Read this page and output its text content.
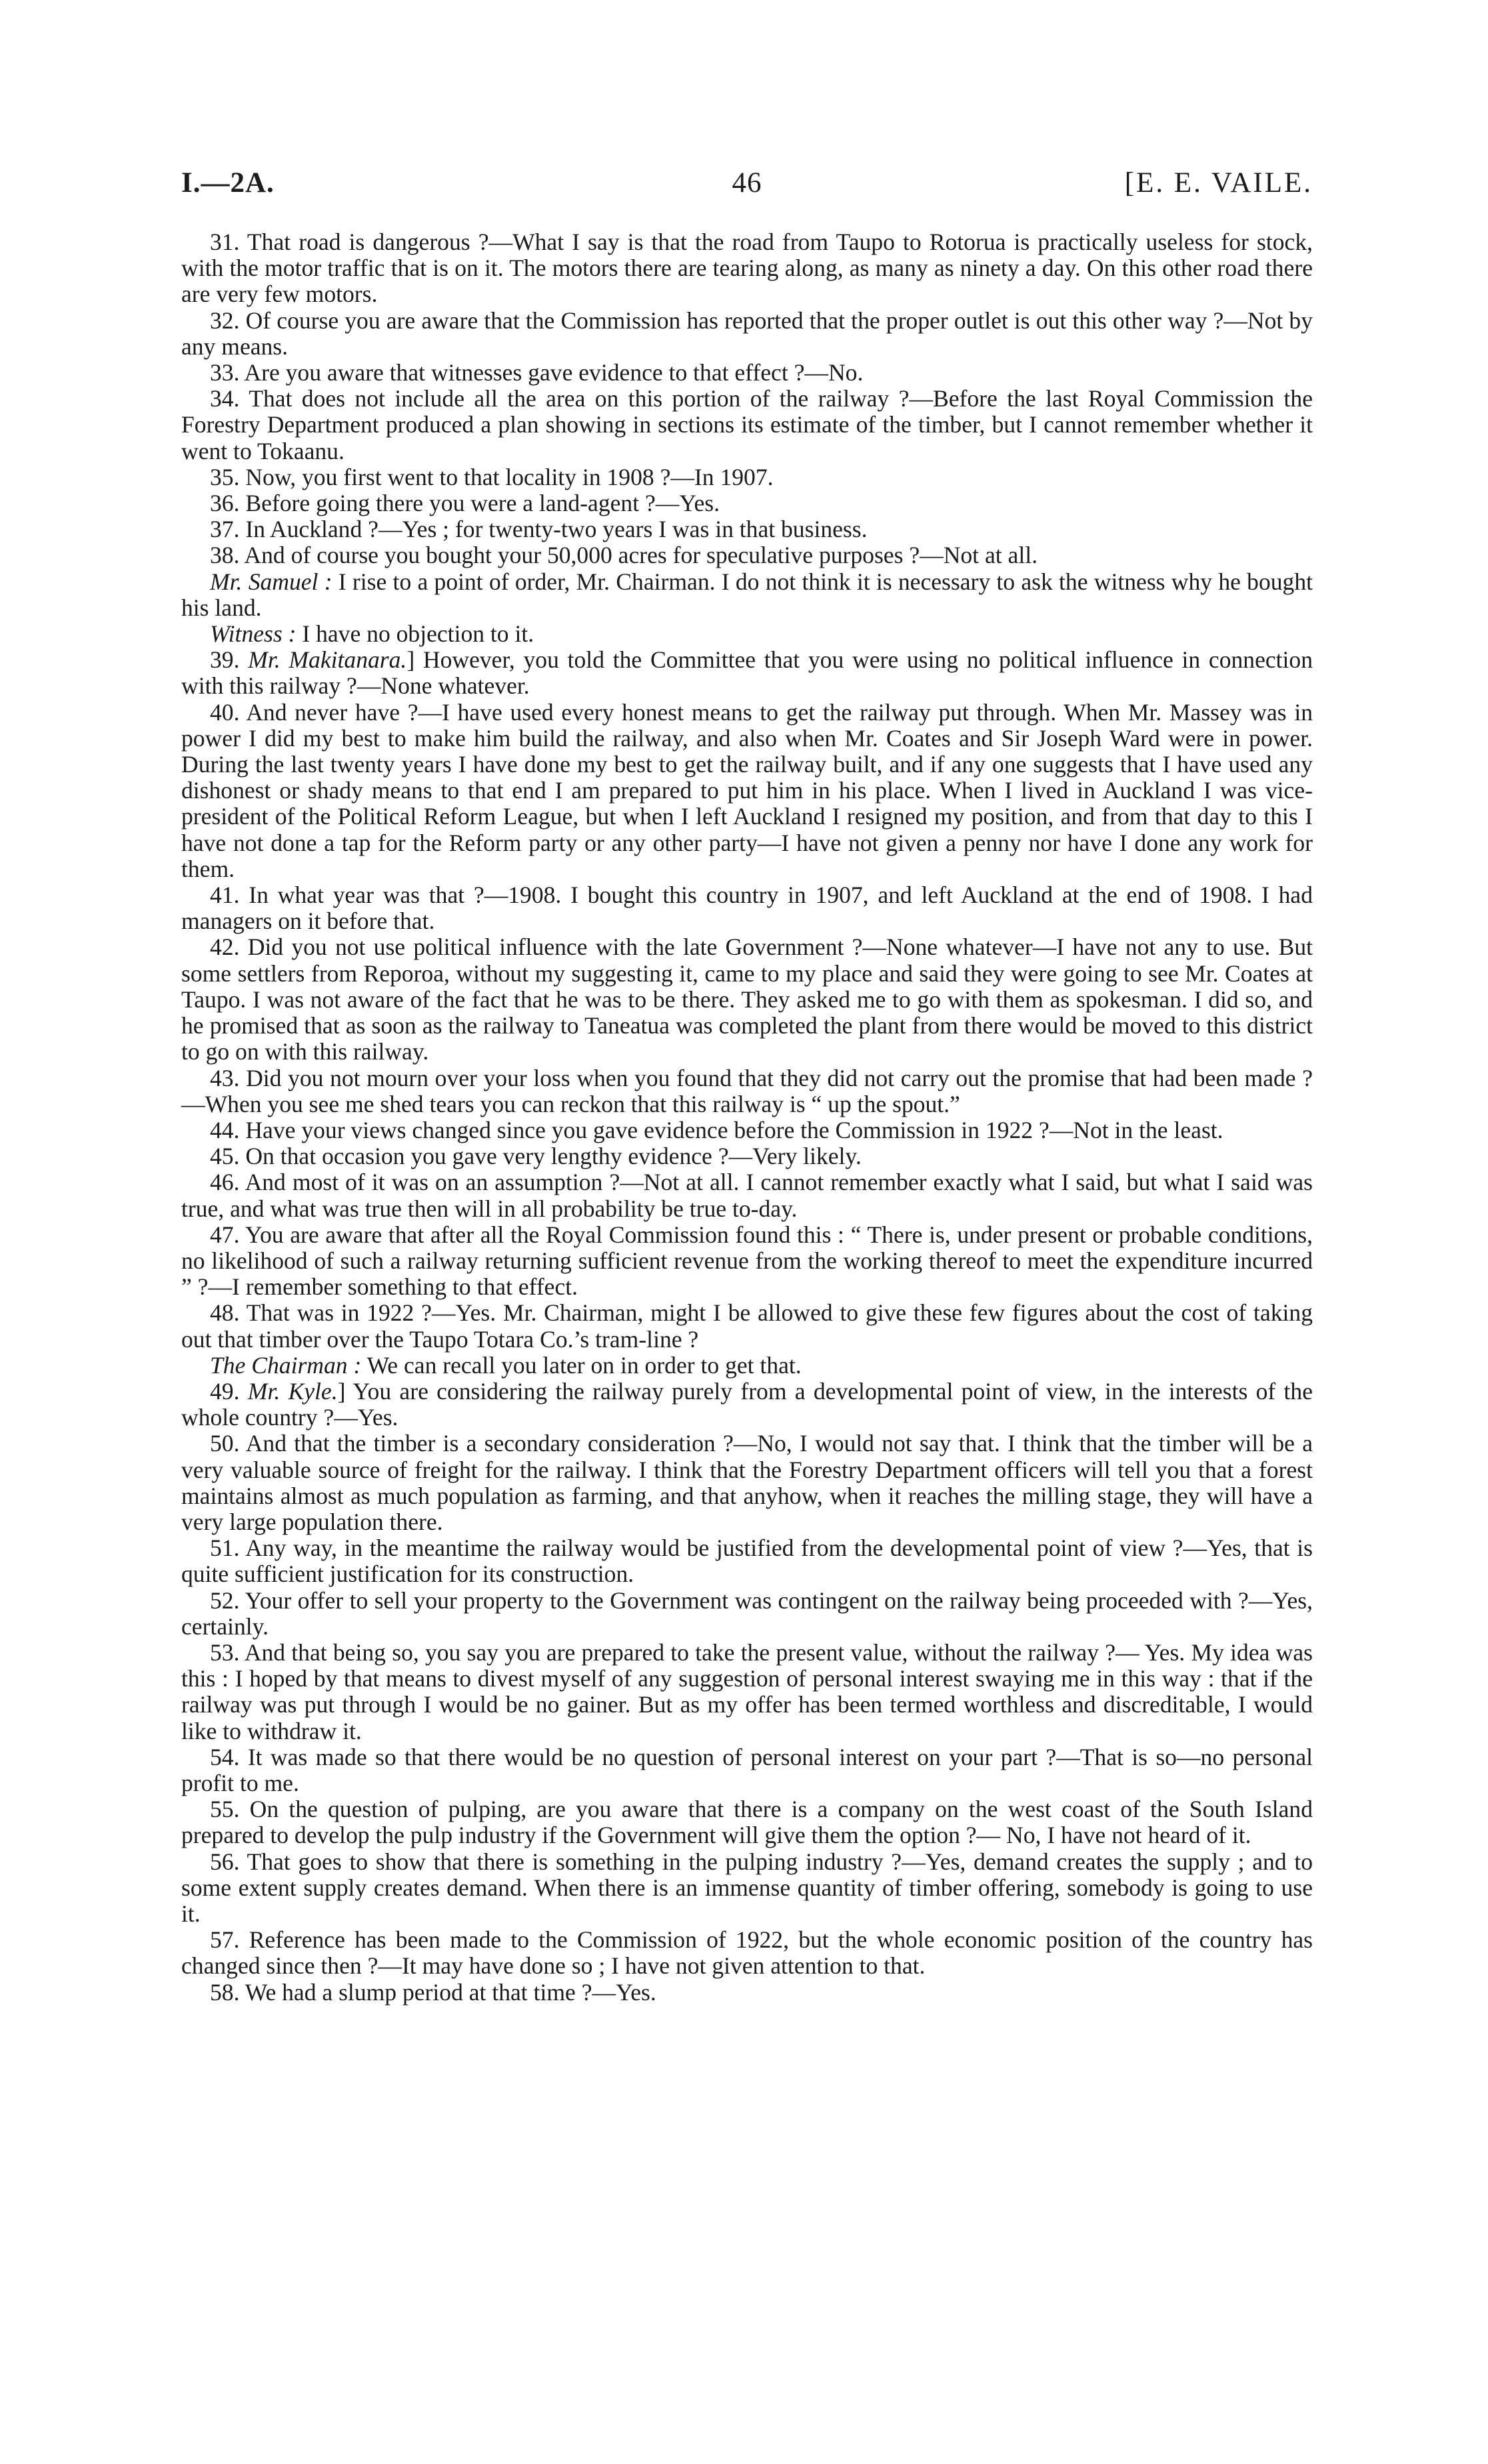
I.—2A.	46	[E. E. VAILE.

31. That road is dangerous ?—What I say is that the road from Taupo to Rotorua is practically useless for stock, with the motor traffic that is on it. The motors there are tearing along, as many as ninety a day. On this other road there are very few motors.

32. Of course you are aware that the Commission has reported that the proper outlet is out this other way ?—Not by any means.

33. Are you aware that witnesses gave evidence to that effect ?—No.

34. That does not include all the area on this portion of the railway ?—Before the last Royal Commission the Forestry Department produced a plan showing in sections its estimate of the timber, but I cannot remember whether it went to Tokaanu.

35. Now, you first went to that locality in 1908 ?—In 1907.

36. Before going there you were a land-agent ?—Yes.

37. In Auckland ?—Yes ; for twenty-two years I was in that business.

38. And of course you bought your 50,000 acres for speculative purposes ?—Not at all.

Mr. Samuel : I rise to a point of order, Mr. Chairman. I do not think it is necessary to ask the witness why he bought his land.

Witness : I have no objection to it.

39. Mr. Makitanara.] However, you told the Committee that you were using no political influence in connection with this railway ?—None whatever.

40. And never have ?—I have used every honest means to get the railway put through. When Mr. Massey was in power I did my best to make him build the railway, and also when Mr. Coates and Sir Joseph Ward were in power. During the last twenty years I have done my best to get the railway built, and if any one suggests that I have used any dishonest or shady means to that end I am prepared to put him in his place. When I lived in Auckland I was vice-president of the Political Reform League, but when I left Auckland I resigned my position, and from that day to this I have not done a tap for the Reform party or any other party—I have not given a penny nor have I done any work for them.

41. In what year was that ?—1908. I bought this country in 1907, and left Auckland at the end of 1908. I had managers on it before that.

42. Did you not use political influence with the late Government ?—None whatever—I have not any to use. But some settlers from Reporoa, without my suggesting it, came to my place and said they were going to see Mr. Coates at Taupo. I was not aware of the fact that he was to be there. They asked me to go with them as spokesman. I did so, and he promised that as soon as the railway to Taneatua was completed the plant from there would be moved to this district to go on with this railway.

43. Did you not mourn over your loss when you found that they did not carry out the promise that had been made ?—When you see me shed tears you can reckon that this railway is “ up the spout.”

44. Have your views changed since you gave evidence before the Commission in 1922 ?—Not in the least.

45. On that occasion you gave very lengthy evidence ?—Very likely.

46. And most of it was on an assumption ?—Not at all. I cannot remember exactly what I said, but what I said was true, and what was true then will in all probability be true to-day.

47. You are aware that after all the Royal Commission found this : “ There is, under present or probable conditions, no likelihood of such a railway returning sufficient revenue from the working thereof to meet the expenditure incurred ” ?—I remember something to that effect.

48. That was in 1922 ?—Yes. Mr. Chairman, might I be allowed to give these few figures about the cost of taking out that timber over the Taupo Totara Co.’s tram-line ?

The Chairman : We can recall you later on in order to get that.

49. Mr. Kyle.] You are considering the railway purely from a developmental point of view, in the interests of the whole country ?—Yes.

50. And that the timber is a secondary consideration ?—No, I would not say that. I think that the timber will be a very valuable source of freight for the railway. I think that the Forestry Department officers will tell you that a forest maintains almost as much population as farming, and that anyhow, when it reaches the milling stage, they will have a very large population there.

51. Any way, in the meantime the railway would be justified from the developmental point of view ?—Yes, that is quite sufficient justification for its construction.

52. Your offer to sell your property to the Government was contingent on the railway being proceeded with ?—Yes, certainly.

53. And that being so, you say you are prepared to take the present value, without the railway ?— Yes. My idea was this : I hoped by that means to divest myself of any suggestion of personal interest swaying me in this way : that if the railway was put through I would be no gainer. But as my offer has been termed worthless and discreditable, I would like to withdraw it.

54. It was made so that there would be no question of personal interest on your part ?—That is so—no personal profit to me.

55. On the question of pulping, are you aware that there is a company on the west coast of the South Island prepared to develop the pulp industry if the Government will give them the option ?— No, I have not heard of it.

56. That goes to show that there is something in the pulping industry ?—Yes, demand creates the supply ; and to some extent supply creates demand. When there is an immense quantity of timber offering, somebody is going to use it.

57. Reference has been made to the Commission of 1922, but the whole economic position of the country has changed since then ?—It may have done so ; I have not given attention to that.

58. We had a slump period at that time ?—Yes.
